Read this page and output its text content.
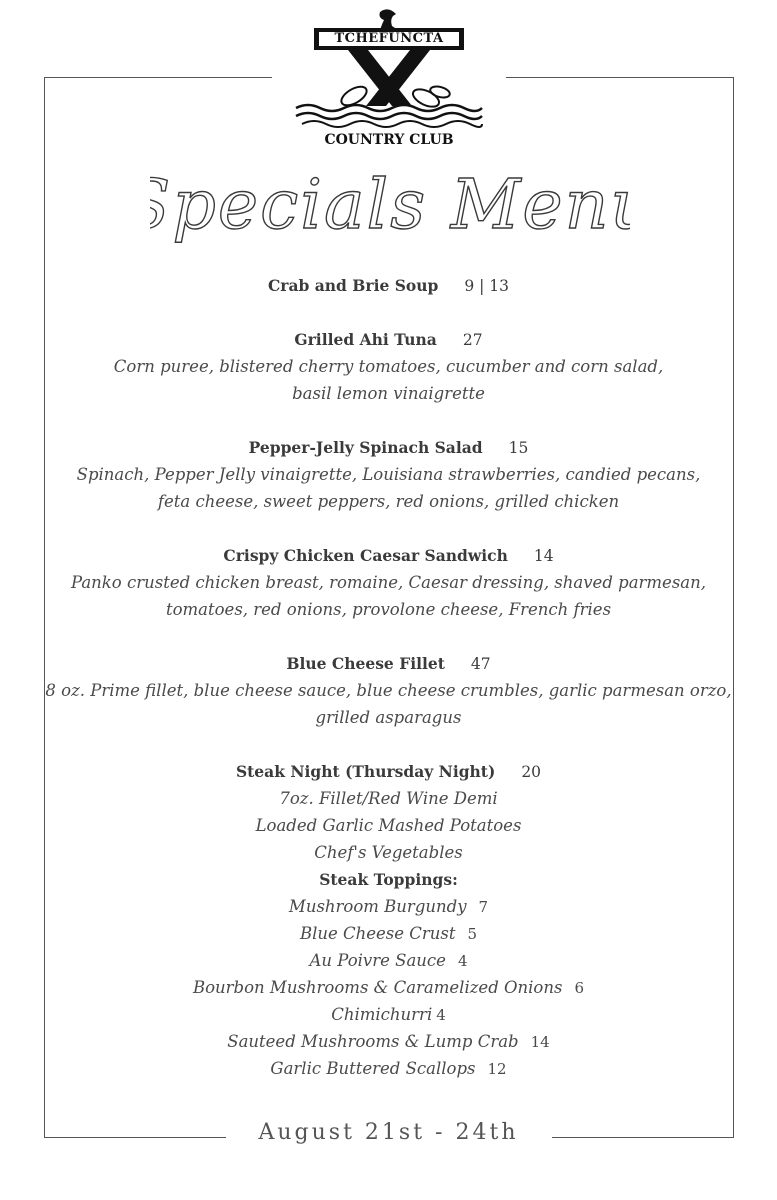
TCHEFUNCTA
COUNTRY CLUB
Specials Menu
Crab and Brie Soup 9 | 13
Grilled Ahi Tuna 27
Corn puree, blistered cherry tomatoes, cucumber and corn salad,
basil lemon vinaigrette
Pepper-Jelly Spinach Salad 15
Spinach, Pepper Jelly vinaigrette, Louisiana strawberries, candied pecans,
feta cheese, sweet peppers, red onions, grilled chicken
Crispy Chicken Caesar Sandwich 14
Panko crusted chicken breast, romaine, Caesar dressing, shaved parmesan,
tomatoes, red onions, provolone cheese, French fries
Blue Cheese Fillet 47
8 oz. Prime fillet, blue cheese sauce, blue cheese crumbles, garlic parmesan orzo,
grilled asparagus
Steak Night (Thursday Night) 20
7oz. Fillet/Red Wine Demi
Loaded Garlic Mashed Potatoes
Chef's Vegetables
Steak Toppings:
Mushroom Burgundy 7
Blue Cheese Crust 5
Au Poivre Sauce 4
Bourbon Mushrooms & Caramelized Onions 6
Chimichurri 4
Sauteed Mushrooms & Lump Crab 14
Garlic Buttered Scallops 12
August 21st - 24th
